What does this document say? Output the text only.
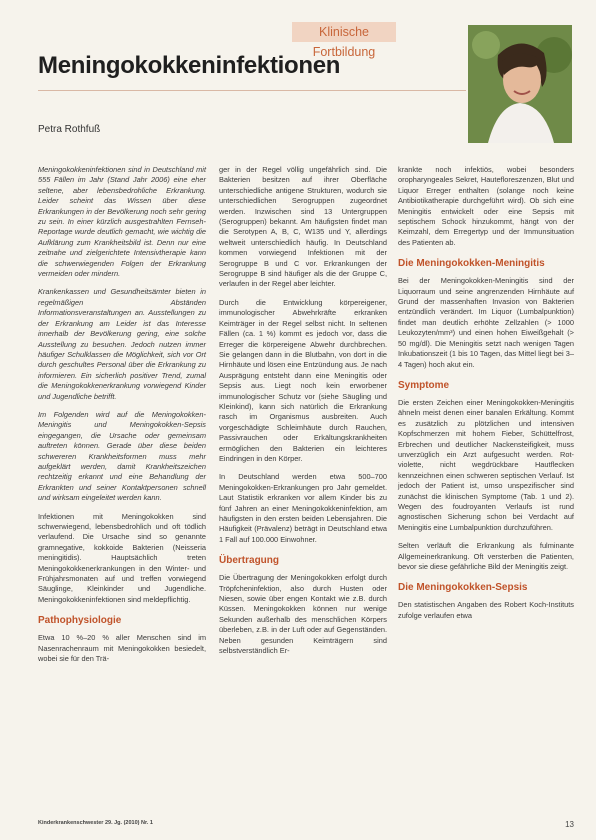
Klinische Fortbildung
Meningokokkeninfektionen
Petra Rothfuß

Meningokokkeninfektionen sind in Deutschland mit 555 Fällen im Jahr (Stand Jahr 2006) eine eher seltene, aber lebensbedrohliche Erkrankung. Leider scheint das Wissen über diese Erkrankungen in der Bevölkerung noch sehr gering zu sein. In einer kürzlich ausgestrahlten Fernseh-Reportage wurde deutlich gemacht, wie wichtig die Aufklärung zum Krankheitsbild ist. Denn nur eine zeitnahe und zielgerichtete Intensivtherapie kann die schwerwiegenden Folgen der Erkrankung vermeiden oder mindern.

Krankenkassen und Gesundheitsämter bieten in regelmäßigen Abständen Informationsveranstaltungen an. Ausstellungen zu der Erkrankung am Leider ist das Interesse innerhalb der Bevölkerung gering, eine solche Ausstellung zu besuchen. Jedoch nutzen immer häufiger Schulklassen die Möglichkeit, sich vor Ort durch geschultes Personal über die Erkrankung zu informieren. Ein sicherlich positiver Trend, zumal die Meningokokkenerkrankung vorwiegend Kinder und Jugendliche betrifft.

Im Folgenden wird auf die Meningokokken-Meningitis und Meningokokken-Sepsis eingegangen, die Ursache oder gemeinsam auftreten können. Gerade über diese beiden schwereren Krankheitsformen muss mehr aufgeklärt werden, damit Krankheitszeichen rechtzeitig erkannt und eine Behandlung der Erkrankten und seiner Kontaktpersonen schnell und wirksam eingeleitet werden kann.

Infektionen mit Meningokokken sind schwerwiegend, lebensbedrohlich und oft tödlich verlaufend. Die Ursache sind so genannte gramnegative, kokkoide Bakterien (Neisseria meningitidis). Hauptsächlich treten Meningokokkenerkrankungen in den Winter- und Frühjahrsmonaten auf und treffen vorwiegend Säuglinge, Kleinkinder und Jugendliche. Meningokokkeninfektionen sind meldepflichtig.

Pathophysiologie

Etwa 10 %–20 % aller Menschen sind im Nasenrachenraum mit Meningokokken besiedelt, wobei sie für den Trä-

ger in der Regel völlig ungefährlich sind. Die Bakterien besitzen auf ihrer Oberfläche unterschiedliche antigene Strukturen, wodurch sie unterschiedlichen Serogruppen zugeordnet werden. Inzwischen sind 13 Untergruppen (Serogruppen) bekannt. Am häufigsten findet man die Serotypen A, B, C, W135 und Y, allerdings weltweit unterschiedlich häufig. In Deutschland kommen vorwiegend Infektionen mit der Serogruppe B und C vor. Erkrankungen der Serogruppe B sind häufiger als die der Gruppe C, verlaufen in der Regel aber leichter.

Durch die Entwicklung körpereigener, immunologischer Abwehrkräfte erkranken Keimträger in der Regel selbst nicht. In seltenen Fällen (ca. 1 %) kommt es jedoch vor, dass die Erreger die körpereigene Abwehr durchbrechen. Sie gelangen dann in die Blutbahn, von dort in die Hirnhäute und lösen eine Entzündung aus. Je nach Ausprägung entsteht dann eine Meningitis oder Sepsis aus. Liegt noch kein erworbener immunologischer Schutz vor (siehe Säugling und Kleinkind), kann sich natürlich die Erkrankung rasch im Organismus ausbreiten. Auch vorgeschädigte Schleimhäute durch Rauchen, Passivrauchen oder Erkältungskrankheiten ermöglichen den Bakterien ein leichteres Eindringen in den Körper.

In Deutschland werden etwa 500–700 Meningokokken-Erkrankungen pro Jahr gemeldet. Laut Statistik erkranken vor allem Kinder bis zu fünf Jahren an einer Meningokokkeninfektion, am häufigsten in den ersten beiden Lebensjahren. Die Häufigkeit (Prävalenz) beträgt in Deutschland etwa 1 Fall auf 100.000 Einwohner.

Übertragung

Die Übertragung der Meningokokken erfolgt durch Tröpfcheninfektion, also durch Husten oder Niesen, sowie über engen Kontakt wie z.B. durch Küssen. Meningokokken können nur wenige Sekunden außerhalb des menschlichen Körpers überleben, z.B. in der Luft oder auf Gegenständen. Neben gesunden Keimträgern sind selbstverständlich Er-

krankte noch infektiös, wobei besonders oropharyngeales Sekret, Hautefloreszenzen, Blut und Liquor Erreger enthalten (solange noch keine Antibiotikatherapie durchgeführt wird). Ob sich eine Meningitis entwickelt oder eine Sepsis mit septischem Schock hinzukommt, hängt von der Keimzahl, dem Erregertyp und der Immunsituation des Patienten ab.

Die Meningokokken-Meningitis

Bei der Meningokokken-Meningitis sind der Liquorraum und seine angrenzenden Hirnhäute auf Grund der massenhaften Invasion von Bakterien entzündlich verändert. Im Liquor (Lumbalpunktion) findet man deutlich erhöhte Zellzahlen (> 1000 Leukozyten/mm³) und einen hohen Eiweißgehalt (> 50 mg/dl). Die Meningitis setzt nach wenigen Tagen Inkubationszeit (1 bis 10 Tagen, das Mittel liegt bei 3–4 Tagen) hoch akut ein.

Symptome

Die ersten Zeichen einer Meningokokken-Meningitis ähneln meist denen einer banalen Erkältung. Kommt es zusätzlich zu plötzlichen und intensiven Kopfschmerzen mit hohem Fieber, Schüttelfrost, Erbrechen und deutlicher Nackensteifigkeit, muss unverzüglich ein Arzt aufgesucht werden. Rot-violette, nicht wegdrückbare Hautflecken kennzeichnen einen schweren septischen Verlauf. Ist jedoch der Patient ist, umso unspezifischer sind zunächst die klinischen Symptome (Tab. 1 und 2). Wegen des foudroyanten Verlaufs ist rund agnostischen Sicherung schon bei Verdacht auf Meningitis eine Lumbalpunktion durchzuführen.

Selten verläuft die Erkrankung als fulminante Allgemeinerkrankung. Oft versterben die Patienten, bevor sie diese gefährliche Bild der Meningitis zeigt.

Die Meningokokken-Sepsis

Den statistischen Angaben des Robert Koch-Instituts zufolge verlaufen etwa

Kinderkrankenschwester 29. Jg. (2010) Nr. 1	13
